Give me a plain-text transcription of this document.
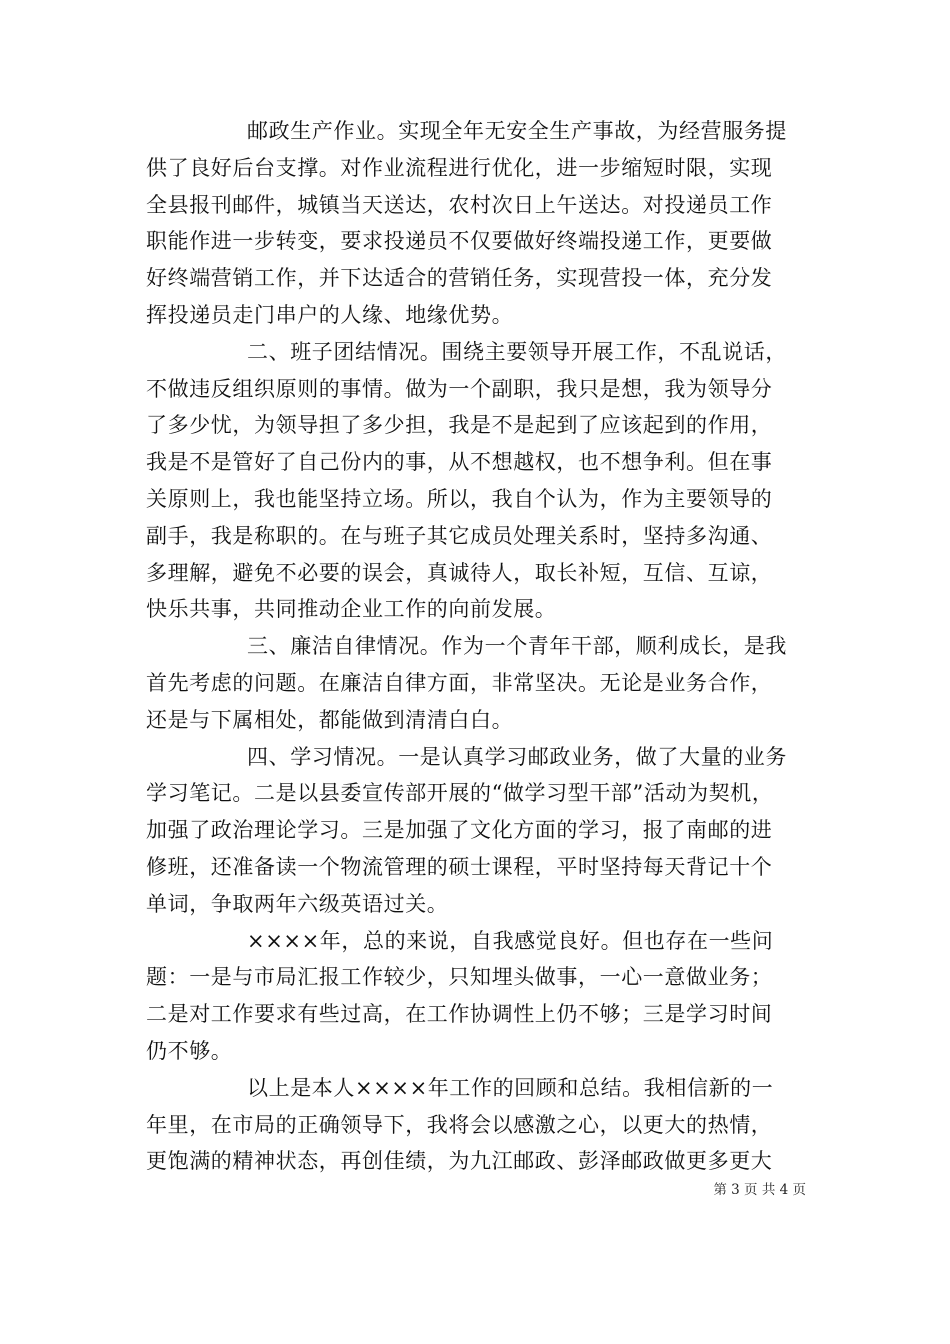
邮政生产作业。实现全年无安全生产事故，为经营服务提
供了良好后台支撑。对作业流程进行优化，进一步缩短时限，实现
全县报刊邮件，城镇当天送达，农村次日上午送达。对投递员工作
职能作进一步转变，要求投递员不仅要做好终端投递工作，更要做
好终端营销工作，并下达适合的营销任务，实现营投一体，充分发
挥投递员走门串户的人缘、地缘优势。

二、班子团结情况。围绕主要领导开展工作，不乱说话，
不做违反组织原则的事情。做为一个副职，我只是想，我为领导分
了多少忧，为领导担了多少担，我是不是起到了应该起到的作用，
我是不是管好了自己份内的事，从不想越权，也不想争利。但在事
关原则上，我也能坚持立场。所以，我自个认为，作为主要领导的
副手，我是称职的。在与班子其它成员处理关系时，坚持多沟通、
多理解，避免不必要的误会，真诚待人，取长补短，互信、互谅，
快乐共事，共同推动企业工作的向前发展。

三、廉洁自律情况。作为一个青年干部，顺利成长，是我
首先考虑的问题。在廉洁自律方面，非常坚决。无论是业务合作，
还是与下属相处，都能做到清清白白。

四、学习情况。一是认真学习邮政业务，做了大量的业务
学习笔记。二是以县委宣传部开展的“做学习型干部”活动为契机，
加强了政治理论学习。三是加强了文化方面的学习，报了南邮的进
修班，还准备读一个物流管理的硕士课程，平时坚持每天背记十个
单词，争取两年六级英语过关。

××××年，总的来说，自我感觉良好。但也存在一些问
题：一是与市局汇报工作较少，只知埋头做事，一心一意做业务；
二是对工作要求有些过高，在工作协调性上仍不够；三是学习时间
仍不够。

以上是本人××××年工作的回顾和总结。我相信新的一
年里，在市局的正确领导下，我将会以感激之心，以更大的热情，
更饱满的精神状态，再创佳绩，为九江邮政、彭泽邮政做更多更大

第 3 页 共 4 页
